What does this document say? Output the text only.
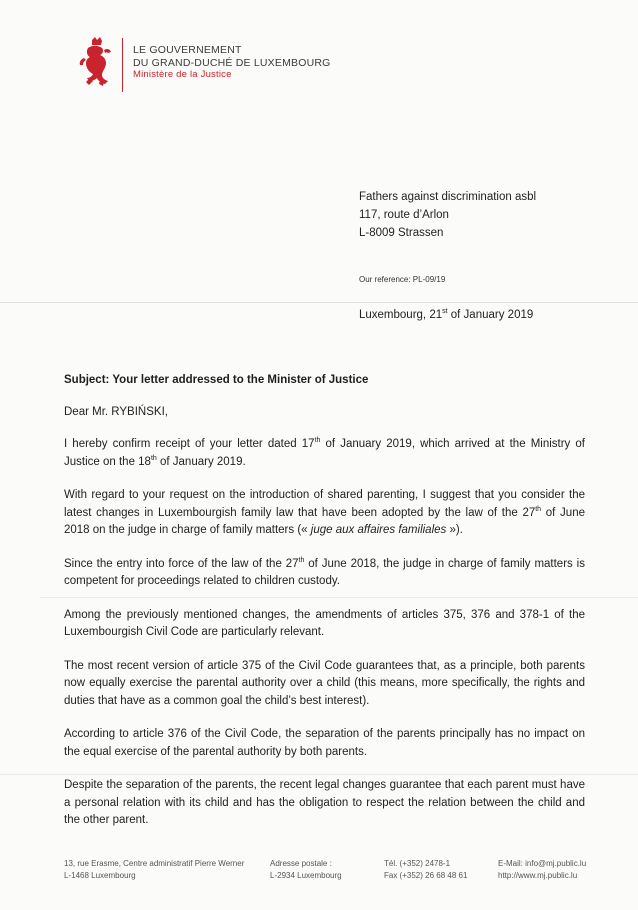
LE GOUVERNEMENT
DU GRAND-DUCHÉ DE LUXEMBOURG
Ministère de la Justice
Fathers against discrimination asbl
117, route d’Arlon
L-8009 Strassen
Our reference: PL-09/19
Luxembourg, 21st of January 2019
Subject: Your letter addressed to the Minister of Justice
Dear Mr. RYBIŃSKI,

I hereby confirm receipt of your letter dated 17th of January 2019, which arrived at the Ministry of Justice on the 18th of January 2019.

With regard to your request on the introduction of shared parenting, I suggest that you consider the latest changes in Luxembourgish family law that have been adopted by the law of the 27th of June 2018 on the judge in charge of family matters (« juge aux affaires familiales »).

Since the entry into force of the law of the 27th of June 2018, the judge in charge of family matters is competent for proceedings related to children custody.

Among the previously mentioned changes, the amendments of articles 375, 376 and 378-1 of the Luxembourgish Civil Code are particularly relevant.

The most recent version of article 375 of the Civil Code guarantees that, as a principle, both parents now equally exercise the parental authority over a child (this means, more specifically, the rights and duties that have as a common goal the child’s best interest).

According to article 376 of the Civil Code, the separation of the parents principally has no impact on the equal exercise of the parental authority by both parents.

Despite the separation of the parents, the recent legal changes guarantee that each parent must have a personal relation with its child and has the obligation to respect the relation between the child and the other parent.

13, rue Erasme, Centre administratif Pierre Werner
L-1468 Luxembourg
Adresse postale :
L-2934 Luxembourg
Tél. (+352) 2478-1
Fax (+352) 26 68 48 61
E-Mail: info@mj.public.lu
http://www.mj.public.lu
